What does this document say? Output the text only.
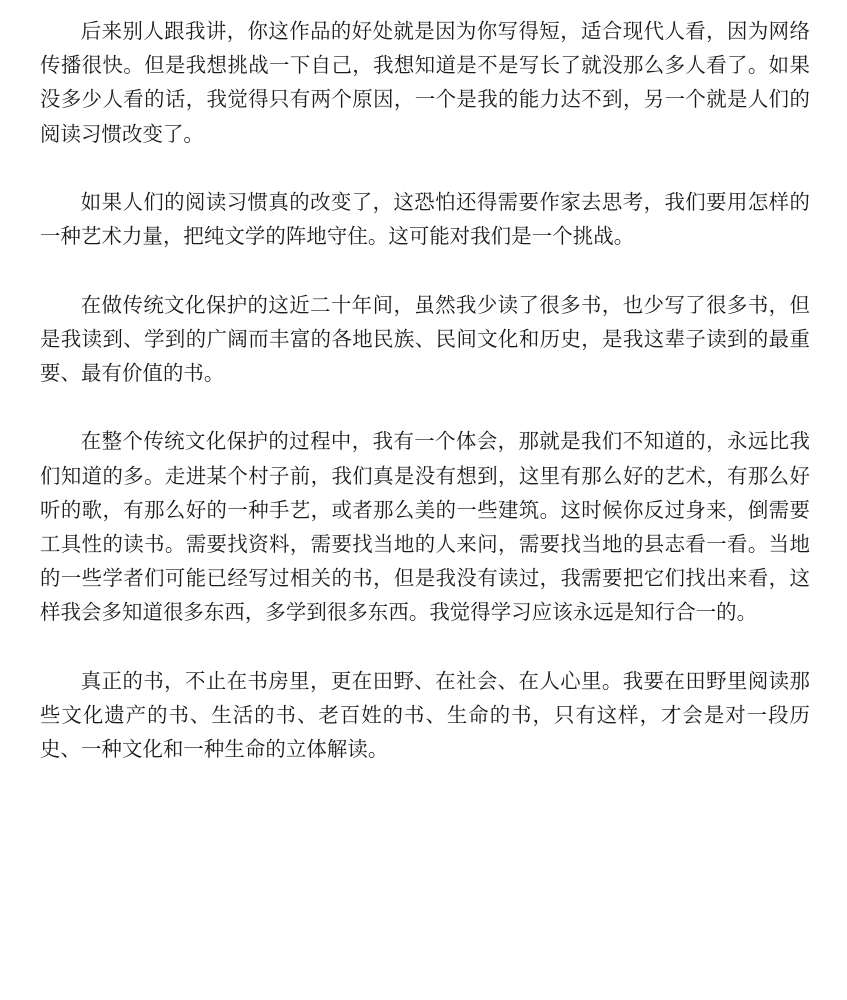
后来别人跟我讲，你这作品的好处就是因为你写得短，适合现代人看，因为网络传播很快。但是我想挑战一下自己，我想知道是不是写长了就没那么多人看了。如果没多少人看的话，我觉得只有两个原因，一个是我的能力达不到，另一个就是人们的阅读习惯改变了。

如果人们的阅读习惯真的改变了，这恐怕还得需要作家去思考，我们要用怎样的一种艺术力量，把纯文学的阵地守住。这可能对我们是一个挑战。

在做传统文化保护的这近二十年间，虽然我少读了很多书，也少写了很多书，但是我读到、学到的广阔而丰富的各地民族、民间文化和历史，是我这辈子读到的最重要、最有价值的书。

在整个传统文化保护的过程中，我有一个体会，那就是我们不知道的，永远比我们知道的多。走进某个村子前，我们真是没有想到，这里有那么好的艺术，有那么好听的歌，有那么好的一种手艺，或者那么美的一些建筑。这时候你反过身来，倒需要工具性的读书。需要找资料，需要找当地的人来问，需要找当地的县志看一看。当地的一些学者们可能已经写过相关的书，但是我没有读过，我需要把它们找出来看，这样我会多知道很多东西，多学到很多东西。我觉得学习应该永远是知行合一的。

真正的书，不止在书房里，更在田野、在社会、在人心里。我要在田野里阅读那些文化遗产的书、生活的书、老百姓的书、生命的书，只有这样，才会是对一段历史、一种文化和一种生命的立体解读。
